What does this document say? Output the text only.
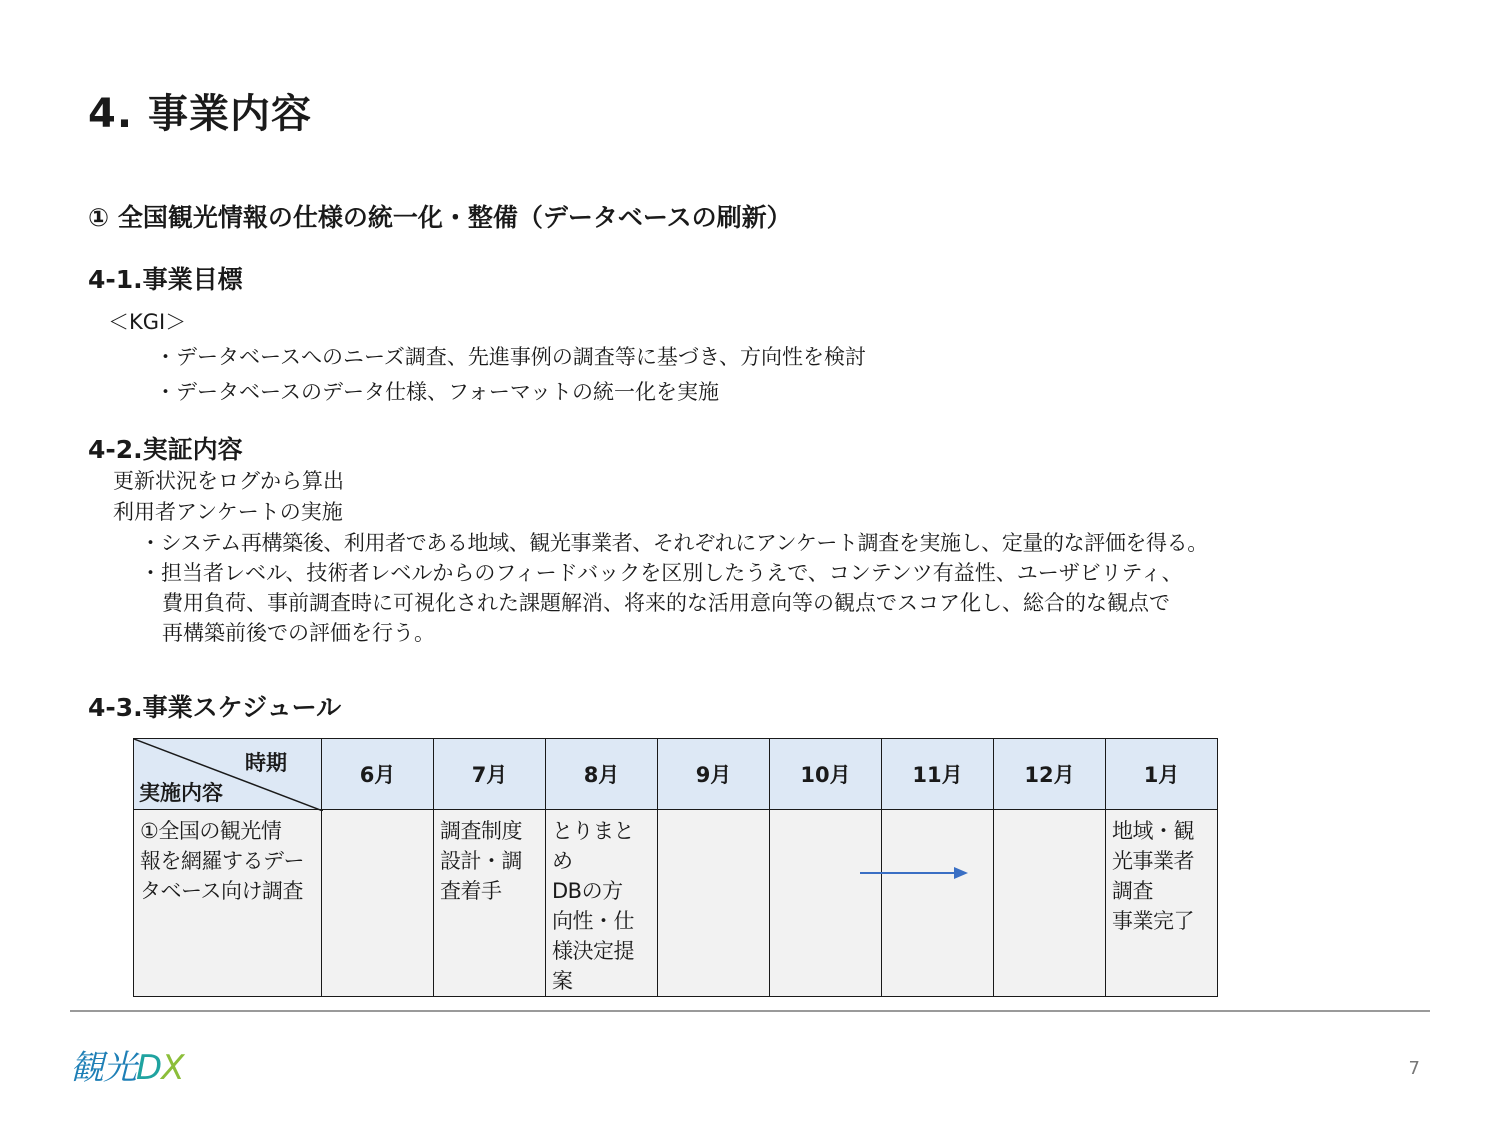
4. 事業内容
① 全国観光情報の仕様の統一化・整備（データベースの刷新）
4-1.事業目標
＜KGI＞
・データベースへのニーズ調査、先進事例の調査等に基づき、方向性を検討
・データベースのデータ仕様、フォーマットの統一化を実施
4-2.実証内容
更新状況をログから算出
利用者アンケートの実施
・システム再構築後、利用者である地域、観光事業者、それぞれにアンケート調査を実施し、定量的な評価を得る。
・担当者レベル、技術者レベルからのフィードバックを区別したうえで、コンテンツ有益性、ユーザビリティ、
費用負荷、事前調査時に可視化された課題解消、将来的な活用意向等の観点でスコア化し、総合的な観点で
再構築前後での評価を行う。
4-3.事業スケジュール
時期
実施内容	6月	7月	8月	9月	10月	11月	12月	1月
①全国の観光情
報を網羅するデー
タベース向け調査		調査制度
設計・調
査着手	とりまとめ
DBの方
向性・仕
様決定提
案					地域・観
光事業者
調査
事業完了
観光DX	7
